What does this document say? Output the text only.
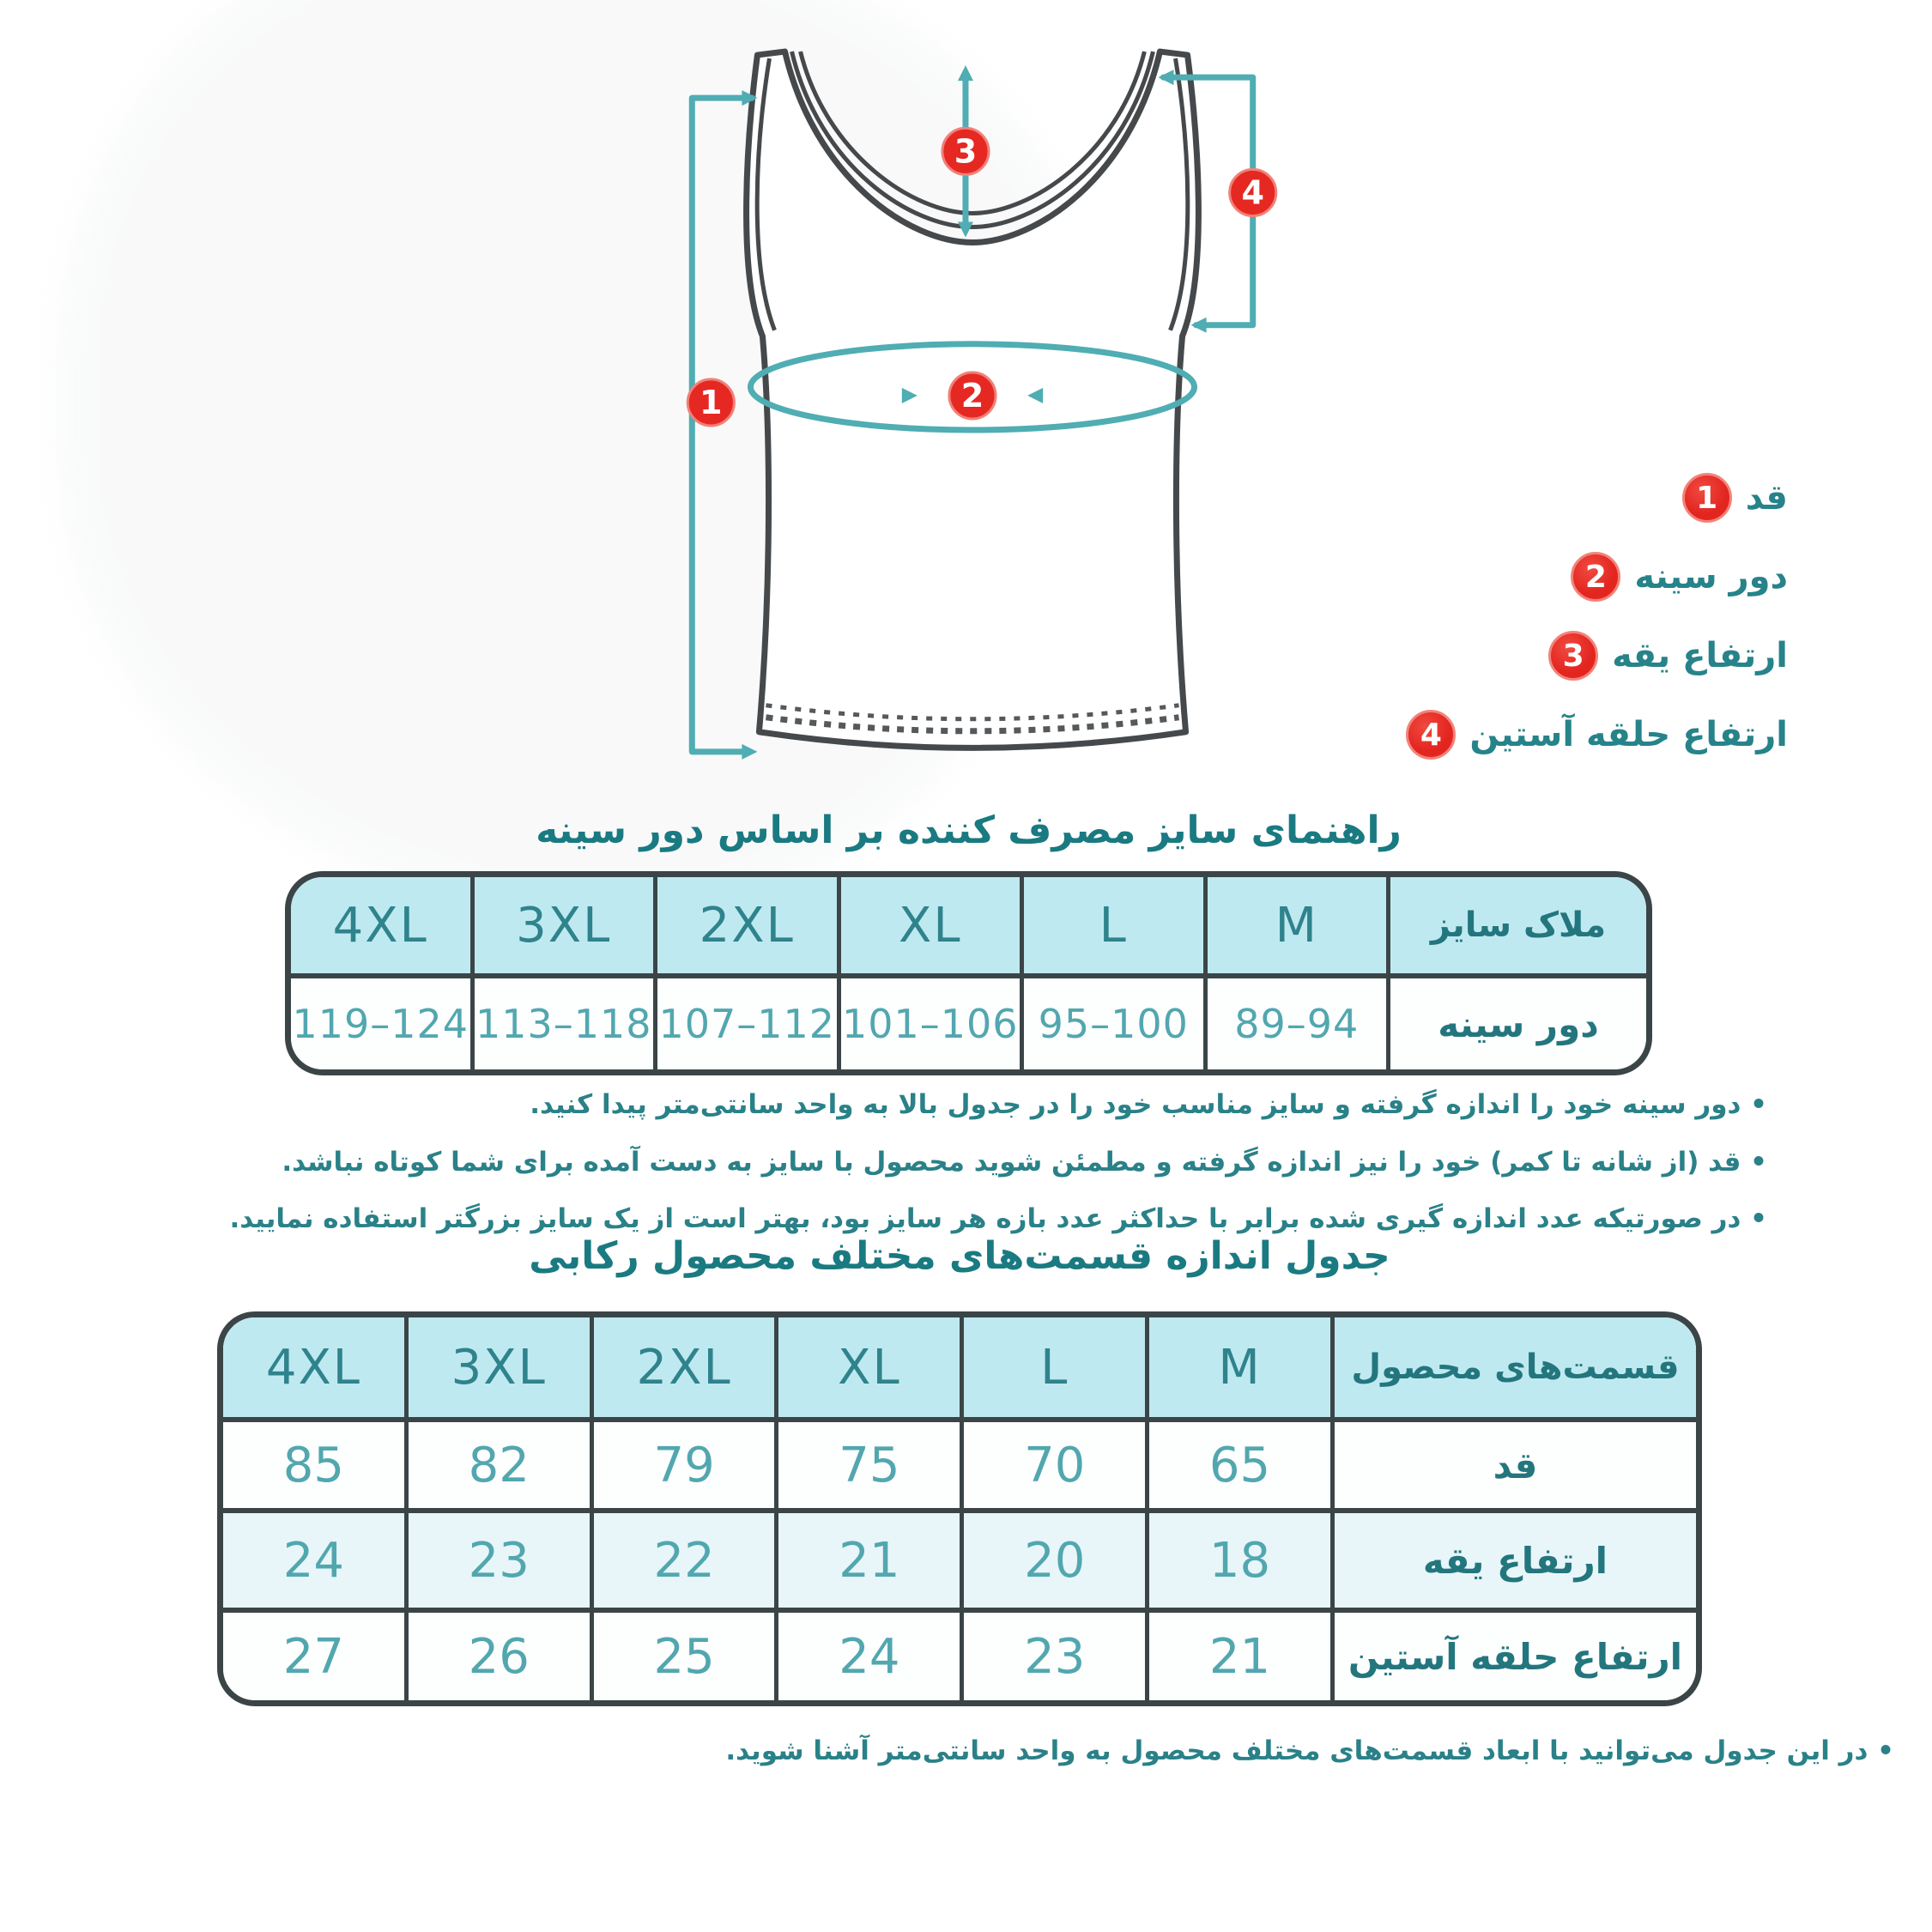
1	2
3
4
1 قد
2 دور سینه
3 ارتفاع یقه
4 ارتفاع حلقه آستین
راهنمای سایز مصرف کننده بر اساس دور سینه
4XL	3XL	2XL	XL	L	M	ملاک سایز
119–124 113–118 107–112 101–106 95–100	89–94	دور سینه
• دور سینه خود را اندازه گرفته و سایز مناسب خود را در جدول بالا به واحد سانتی‌متر پیدا کنید.
• قد (از شانه تا کمر) خود را نیز اندازه گرفته و مطمئن شوید محصول با سایز به دست آمده برای شما کوتاه نباشد.
• در صورتیکه عدد اندازه گیری شده برابر با حداکثر عدد بازه هر سایز بود، بهتر است از یک سایز بزرگتر استفاده نمایید.
جدول اندازه قسمت‌های مختلف محصول رکابی
4XL	3XL	2XL	XL	L	M	قسمت‌های محصول
85	82	79	75	70	65	قد
24	23	22	21	20	18	ارتفاع یقه
27	26	25	24	23	21	ارتفاع حلقه آستین
• در این جدول می‌توانید با ابعاد قسمت‌های مختلف محصول به واحد سانتی‌متر آشنا شوید.
